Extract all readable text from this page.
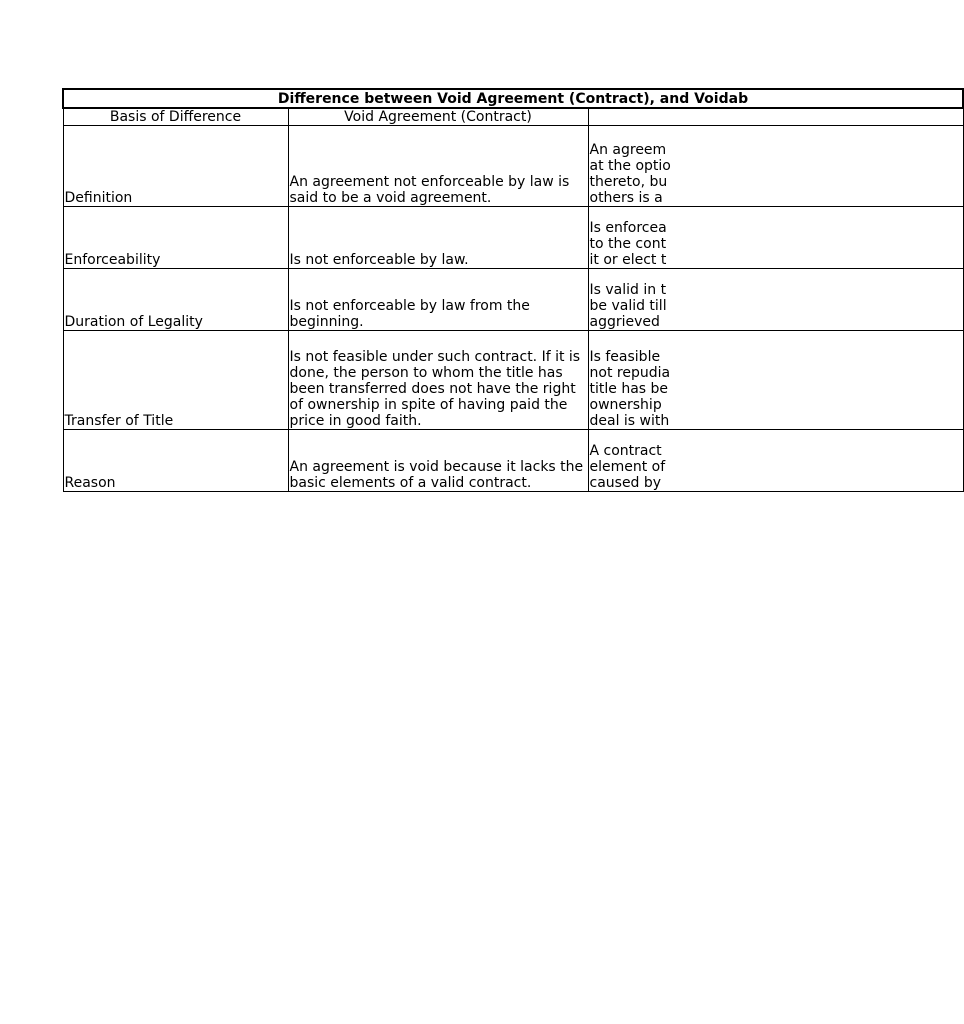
Difference between Void Agreement (Contract), and Voidab		
Basis of Difference	Void Agreement (Contract)	
Definition	An agreement not enforceable by law is said to be a void agreement.	An agreem
at the optio
thereto, bu
others is a

Enforceability	Is not enforceable by law.	Is enforcea
to the cont
it or elect t

Duration of Legality	Is not enforceable by law from the beginning.	Is valid in t
be valid till
aggrieved

Transfer of Title	Is not feasible under such contract. If it is done, the person to whom the title has been transferred does not have the right of ownership in spite of having paid the price in good faith.	Is feasible
not repudia
title has be
ownership
deal is with

Reason	An agreement is void because it lacks the basic elements of a valid contract.	A contract
element of
caused by
